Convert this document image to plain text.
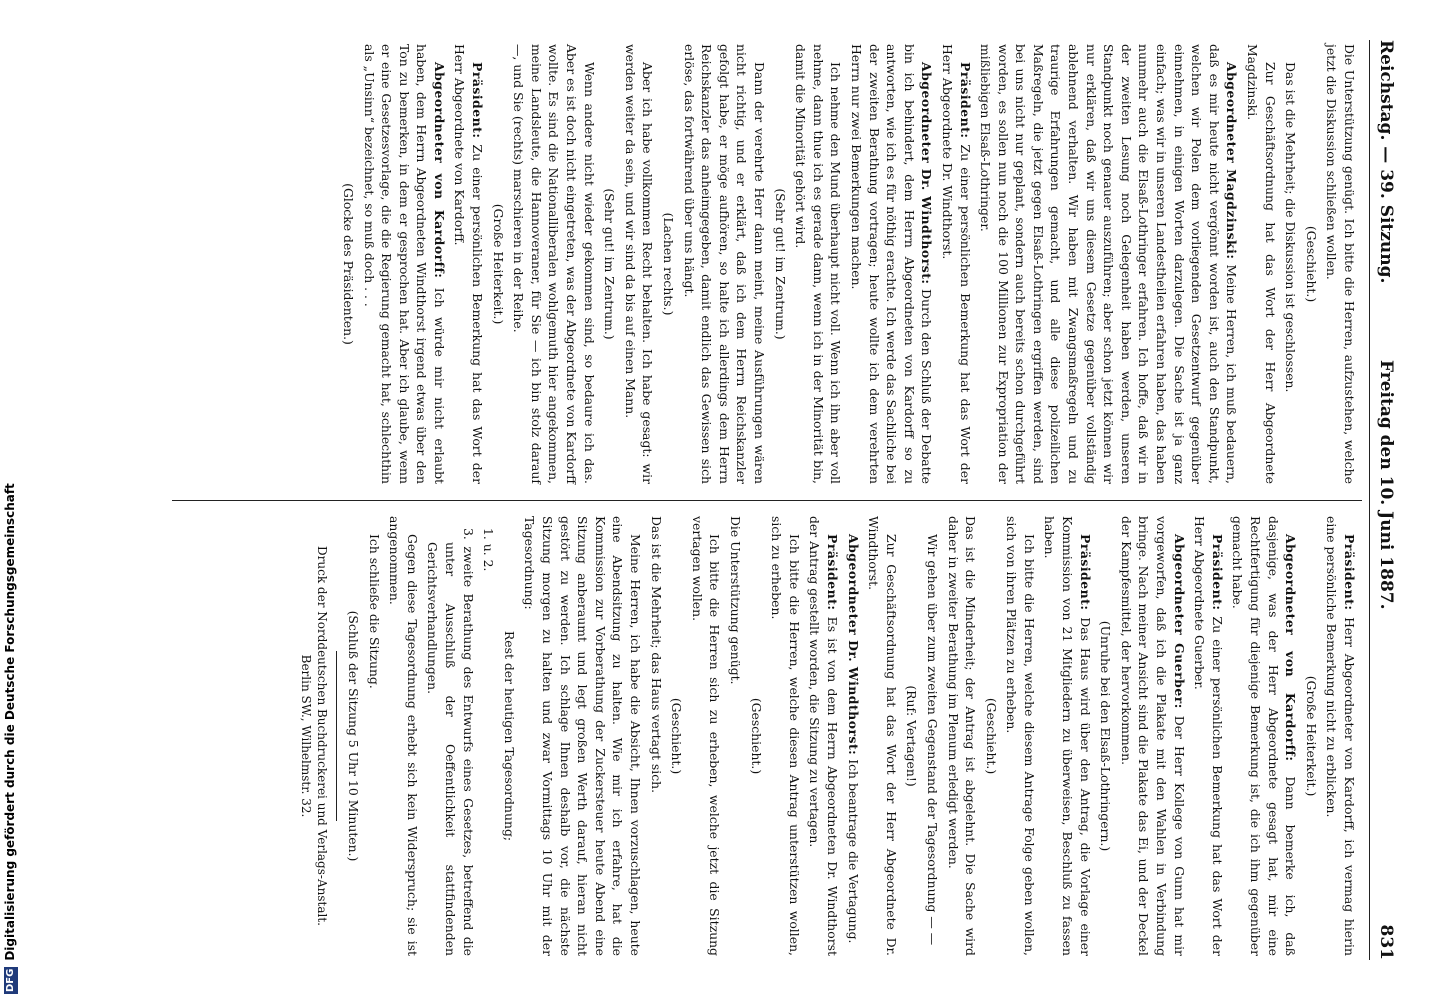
Reichstag. — 39. Sitzung.
Freitag den 10. Juni 1887.
831

Die Unterstützung genügt. Ich bitte die Herren, aufzustehen, welche jetzt die Diskussion schließen wollen.

(Geschieht.)

Das ist die Mehrheit; die Diskussion ist geschlossen.

Zur Geschäftsordnung hat das Wort der Herr Abgeordnete Magdzinski.

Abgeordneter Magdzinski: Meine Herren, ich muß bedauern, daß es mir heute nicht vergönnt worden ist, auch den Standpunkt, welchen wir Polen dem vorliegenden Gesetzentwurf gegenüber einnehmen, in einigen Worten darzulegen. Die Sache ist ja ganz einfach; was wir in unseren Landestheilen erfahren haben, das haben nunmehr auch die Elsaß-Lothringer erfahren. Ich hoffe, daß wir in der zweiten Lesung noch Gelegenheit haben werden, unseren Standpunkt noch genauer auszuführen; aber schon jetzt können wir nur erklären, daß wir uns diesem Gesetze gegenüber vollständig ablehnend verhalten. Wir haben mit Zwangsmaßregeln und zu traurige Erfahrungen gemacht, und alle diese polizeilichen Maßregeln, die jetzt gegen Elsaß-Lothringen ergriffen werden, sind bei uns nicht nur geplant, sondern auch bereits schon durchgeführt worden, es sollen nun noch die 100 Millionen zur Expropriation der mißliebigen Elsaß-Lothringer.

Präsident: Zu einer persönlichen Bemerkung hat das Wort der Herr Abgeordnete Dr. Windthorst.

Abgeordneter Dr. Windthorst: Durch den Schluß der Debatte bin ich behindert, dem Herrn Abgeordneten von Kardorff so zu antworten, wie ich es für nöthig erachte. Ich werde das Sachliche bei der zweiten Berathung vortragen; heute wollte ich dem verehrten Herrn nur zwei Bemerkungen machen.

Ich nehme den Mund überhaupt nicht voll. Wenn ich ihn aber voll nehme, dann thue ich es gerade dann, wenn ich in der Minorität bin, damit die Minorität gehört wird.

(Sehr gut! im Zentrum.)

Dann der verehrte Herr dann meint, meine Ausführungen wären nicht richtig, und er erklärt, daß ich dem Herrn Reichskanzler gefolgt habe, er möge aufhören, so halte ich allerdings dem Herrn Reichskanzler das anheimgegeben, damit endlich das Gewissen sich erlöse, das fortwährend über uns hängt.

(Lachen rechts.)

Aber ich habe vollkommen Recht behalten. Ich habe gesagt: wir werden weiter da sein, und wir sind da bis auf einen Mann.

(Sehr gut! im Zentrum.)

Wenn andere nicht wieder gekommen sind, so bedaure ich das. Aber es ist doch nicht eingetreten, was der Abgeordnete von Kardorff wollte. Es sind die Nationalliberalen wohlgemuth hier angekommen, meine Landsleute, die Hannoveraner, für Sie — ich bin stolz darauf —, und Sie (rechts) marschieren in der Reihe.

(Große Heiterkeit.)

Präsident: Zu einer persönlichen Bemerkung hat das Wort der Herr Abgeordnete von Kardorff.

Abgeordneter von Kardorff: Ich würde mir nicht erlaubt haben, dem Herrn Abgeordneten Windthorst irgend etwas über den Ton zu bemerken, in dem er gesprochen hat. Aber ich glaube, wenn er eine Gesetzesvorlage, die die Regierung gemacht hat, schlechthin als „Unsinn“ bezeichnet, so muß doch . . .

(Glocke des Präsidenten.)

Präsident: Herr Abgeordneter von Kardorff, ich vermag hierin eine persönliche Bemerkung nicht zu erblicken.

(Große Heiterkeit.)

Abgeordneter von Kardorff: Dann bemerke ich, daß dasjenige, was der Herr Abgeordnete gesagt hat, mir eine Rechtfertigung für diejenige Bemerkung ist, die ich ihm gegenüber gemacht habe.

Präsident: Zu einer persönlichen Bemerkung hat das Wort der Herr Abgeordnete Guerber.

Abgeordneter Guerber: Der Herr Kollege von Gunn hat mir vorgeworfen, daß ich die Plakate mit den Wahlen in Verbindung bringe. Nach meiner Ansicht sind die Plakate das Ei, und der Deckel der Kampfesmittel, der hervorkommen.

(Unruhe bei den Elsaß-Lothringern.)

Präsident: Das Haus wird über den Antrag, die Vorlage einer Kommission von 21 Mitgliedern zu überweisen, Beschluß zu fassen haben.

Ich bitte die Herren, welche diesem Antrage Folge geben wollen, sich von ihren Plätzen zu erheben.

(Geschieht.)

Das ist die Minderheit; der Antrag ist abgelehnt. Die Sache wird daher in zweiter Berathung im Plenum erledigt werden.

Wir gehen über zum zweiten Gegenstand der Tagesordnung — —

(Ruf: Vertagen!)

Zur Geschäftsordnung hat das Wort der Herr Abgeordnete Dr. Windthorst.

Abgeordneter Dr. Windthorst: Ich beantrage die Vertagung.

Präsident: Es ist von dem Herrn Abgeordneten Dr. Windthorst der Antrag gestellt worden, die Sitzung zu vertagen.

Ich bitte die Herren, welche diesen Antrag unterstützen wollen, sich zu erheben.

(Geschieht.)

Die Unterstützung genügt.

Ich bitte die Herren sich zu erheben, welche jetzt die Sitzung vertagen wollen.

(Geschieht.)

Das ist die Mehrheit; das Haus vertagt sich.

Meine Herren, ich habe die Absicht, Ihnen vorzuschlagen, heute eine Abendsitzung zu halten. Wie mir ich erfahre, hat die Kommission zur Vorberathung der Zuckersteuer heute Abend eine Sitzung anberaumt und legt großen Werth darauf, hieran nicht gestört zu werden. Ich schlage Ihnen deshalb vor, die nächste Sitzung morgen zu halten und zwar Vormittags 10 Uhr mit der Tagesordnung:

Rest der heutigen Tagesordnung;

1. u. 2.

3. zweite Berathung des Entwurfs eines Gesetzes, betreffend die unter Ausschluß der Oeffentlichkeit stattfindenden Gerichtsverhandlungen.

Gegen diese Tagesordnung erhebt sich kein Widerspruch; sie ist angenommen.

Ich schließe die Sitzung.

(Schluß der Sitzung 5 Uhr 10 Minuten.)

Druck der Norddeutschen Buchdruckerei und Verlags-Anstalt.
Berlin SW., Wilhelmstr. 32.
DFGDigitalisierung gefördert durch die Deutsche Forschungsgemeinschaft
